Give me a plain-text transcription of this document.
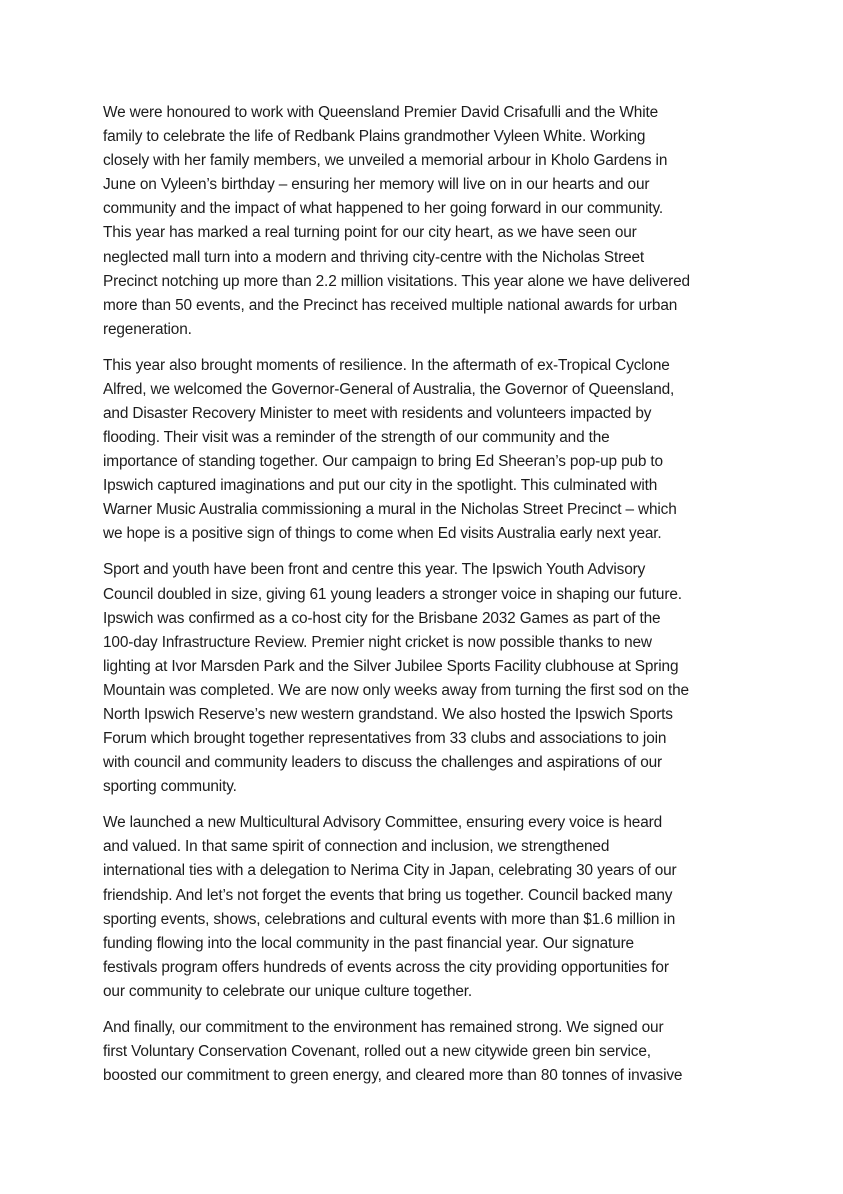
We were honoured to work with Queensland Premier David Crisafulli and the White
family to celebrate the life of Redbank Plains grandmother Vyleen White. Working
closely with her family members, we unveiled a memorial arbour in Kholo Gardens in
June on Vyleen’s birthday – ensuring her memory will live on in our hearts and our
community and the impact of what happened to her going forward in our community.
This year has marked a real turning point for our city heart, as we have seen our
neglected mall turn into a modern and thriving city-centre with the Nicholas Street
Precinct notching up more than 2.2 million visitations. This year alone we have delivered
more than 50 events, and the Precinct has received multiple national awards for urban
regeneration.

This year also brought moments of resilience. In the aftermath of ex-Tropical Cyclone
Alfred, we welcomed the Governor-General of Australia, the Governor of Queensland,
and Disaster Recovery Minister to meet with residents and volunteers impacted by
flooding. Their visit was a reminder of the strength of our community and the
importance of standing together. Our campaign to bring Ed Sheeran’s pop-up pub to
Ipswich captured imaginations and put our city in the spotlight. This culminated with
Warner Music Australia commissioning a mural in the Nicholas Street Precinct – which
we hope is a positive sign of things to come when Ed visits Australia early next year.

Sport and youth have been front and centre this year. The Ipswich Youth Advisory
Council doubled in size, giving 61 young leaders a stronger voice in shaping our future.
Ipswich was confirmed as a co-host city for the Brisbane 2032 Games as part of the
100-day Infrastructure Review. Premier night cricket is now possible thanks to new
lighting at Ivor Marsden Park and the Silver Jubilee Sports Facility clubhouse at Spring
Mountain was completed. We are now only weeks away from turning the first sod on the
North Ipswich Reserve’s new western grandstand. We also hosted the Ipswich Sports
Forum which brought together representatives from 33 clubs and associations to join
with council and community leaders to discuss the challenges and aspirations of our
sporting community.

We launched a new Multicultural Advisory Committee, ensuring every voice is heard
and valued. In that same spirit of connection and inclusion, we strengthened
international ties with a delegation to Nerima City in Japan, celebrating 30 years of our
friendship. And let’s not forget the events that bring us together. Council backed many
sporting events, shows, celebrations and cultural events with more than $1.6 million in
funding flowing into the local community in the past financial year. Our signature
festivals program offers hundreds of events across the city providing opportunities for
our community to celebrate our unique culture together.

And finally, our commitment to the environment has remained strong. We signed our
first Voluntary Conservation Covenant, rolled out a new citywide green bin service,
boosted our commitment to green energy, and cleared more than 80 tonnes of invasive
